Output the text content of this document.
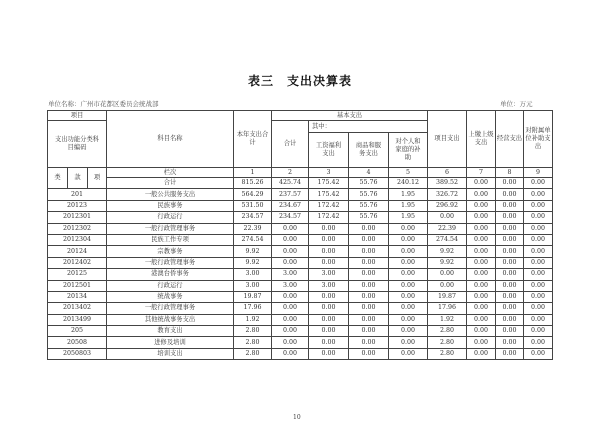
表三　支出决算表
单位名称：广州市花都区委员会统战部	单位：万元
项目			科目名称	本年支出合计	基本支出				项目支出	上缴上级支出	经营支出	对附属单位补助支出
支出功能分类科目编码					合计	其中：						
						工资福利支出	商品和服务支出	对个人和家庭的补助				
类	款	项	栏次	1	2	3	4	5	6	7	8	9
			合计	815.26	425.74	175.42	55.76	240.12	389.52	0.00	0.00	0.00
201			一般公共服务支出	564.29	237.57	175.42	55.76	1.95	326.72	0.00	0.00	0.00
20123			民族事务	531.50	234.67	172.42	55.76	1.95	296.92	0.00	0.00	0.00
2012301			行政运行	234.57	234.57	172.42	55.76	1.95	0.00	0.00	0.00	0.00
2012302			一般行政管理事务	22.39	0.00	0.00	0.00	0.00	22.39	0.00	0.00	0.00
2012304			民族工作专项	274.54	0.00	0.00	0.00	0.00	274.54	0.00	0.00	0.00
20124			宗教事务	9.92	0.00	0.00	0.00	0.00	9.92	0.00	0.00	0.00
2012402			一般行政管理事务	9.92	0.00	0.00	0.00	0.00	9.92	0.00	0.00	0.00
20125			港澳台侨事务	3.00	3.00	3.00	0.00	0.00	0.00	0.00	0.00	0.00
2012501			行政运行	3.00	3.00	3.00	0.00	0.00	0.00	0.00	0.00	0.00
20134			统战事务	19.87	0.00	0.00	0.00	0.00	19.87	0.00	0.00	0.00
2013402			一般行政管理事务	17.96	0.00	0.00	0.00	0.00	17.96	0.00	0.00	0.00
2013499			其他统战事务支出	1.92	0.00	0.00	0.00	0.00	1.92	0.00	0.00	0.00
205			教育支出	2.80	0.00	0.00	0.00	0.00	2.80	0.00	0.00	0.00
20508			进修及培训	2.80	0.00	0.00	0.00	0.00	2.80	0.00	0.00	0.00
2050803			培训支出	2.80	0.00	0.00	0.00	0.00	2.80	0.00	0.00	0.00
10
